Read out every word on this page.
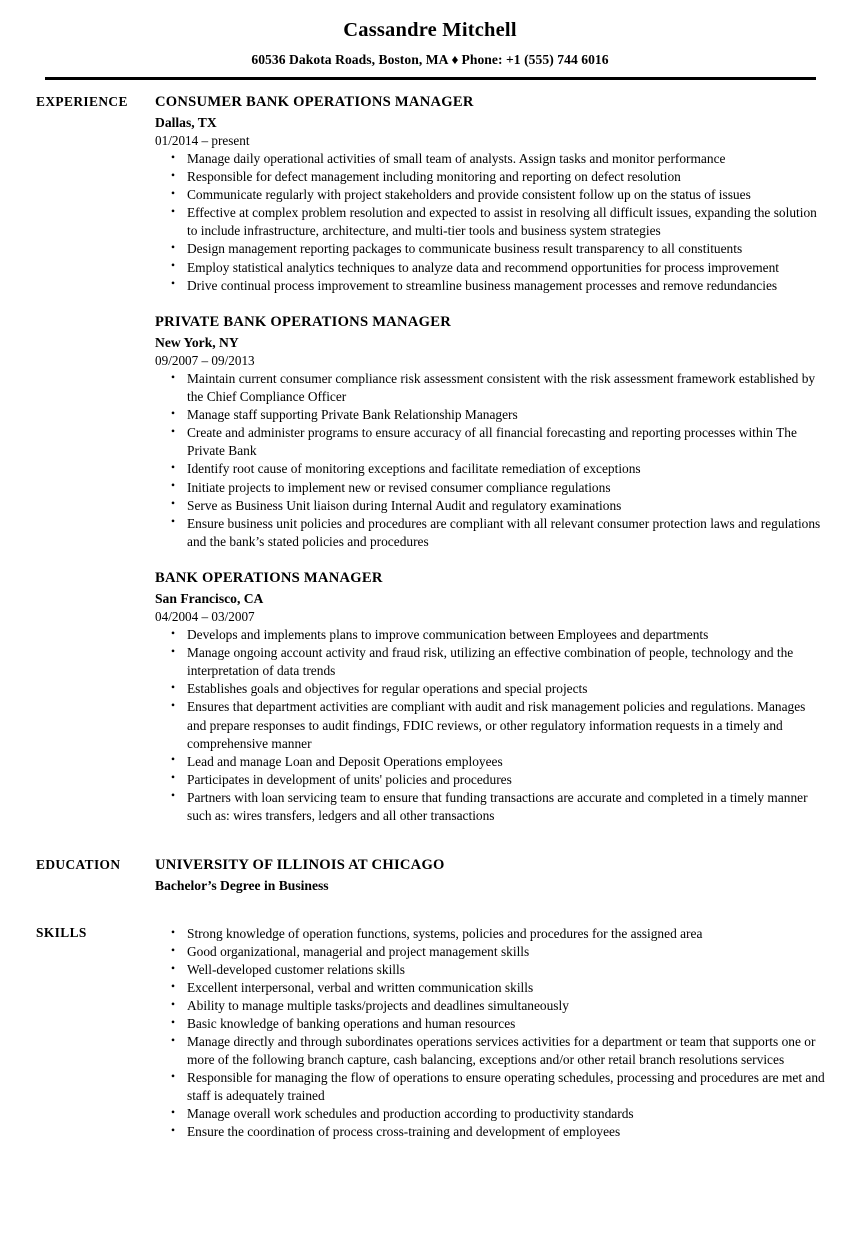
Cassandre Mitchell
60536 Dakota Roads, Boston, MA ♦ Phone: +1 (555) 744 6016
EXPERIENCE	CONSUMER BANK OPERATIONS MANAGER
Dallas, TX
01/2014 – present
• Manage daily operational activities of small team of analysts. Assign tasks and monitor performance
• Responsible for defect management including monitoring and reporting on defect resolution
• Communicate regularly with project stakeholders and provide consistent follow up on the status of issues
• Effective at complex problem resolution and expected to assist in resolving all difficult issues, expanding the solution to include infrastructure, architecture, and multi-tier tools and business system strategies
• Design management reporting packages to communicate business result transparency to all constituents
• Employ statistical analytics techniques to analyze data and recommend opportunities for process improvement
• Drive continual process improvement to streamline business management processes and remove redundancies
PRIVATE BANK OPERATIONS MANAGER
New York, NY
09/2007 – 09/2013
• Maintain current consumer compliance risk assessment consistent with the risk assessment framework established by the Chief Compliance Officer
• Manage staff supporting Private Bank Relationship Managers
• Create and administer programs to ensure accuracy of all financial forecasting and reporting processes within The Private Bank
• Identify root cause of monitoring exceptions and facilitate remediation of exceptions
• Initiate projects to implement new or revised consumer compliance regulations
• Serve as Business Unit liaison during Internal Audit and regulatory examinations
• Ensure business unit policies and procedures are compliant with all relevant consumer protection laws and regulations and the bank’s stated policies and procedures
BANK OPERATIONS MANAGER
San Francisco, CA
04/2004 – 03/2007
• Develops and implements plans to improve communication between Employees and departments
• Manage ongoing account activity and fraud risk, utilizing an effective combination of people, technology and the interpretation of data trends
• Establishes goals and objectives for regular operations and special projects
• Ensures that department activities are compliant with audit and risk management policies and regulations. Manages and prepare responses to audit findings, FDIC reviews, or other regulatory information requests in a timely and comprehensive manner
• Lead and manage Loan and Deposit Operations employees
• Participates in development of units' policies and procedures
• Partners with loan servicing team to ensure that funding transactions are accurate and completed in a timely manner such as: wires transfers, ledgers and all other transactions
EDUCATION	UNIVERSITY OF ILLINOIS AT CHICAGO
Bachelor’s Degree in Business
SKILLS	• Strong knowledge of operation functions, systems, policies and procedures for the assigned area
• Good organizational, managerial and project management skills
• Well-developed customer relations skills
• Excellent interpersonal, verbal and written communication skills
• Ability to manage multiple tasks/projects and deadlines simultaneously
• Basic knowledge of banking operations and human resources
• Manage directly and through subordinates operations services activities for a department or team that supports one or more of the following branch capture, cash balancing, exceptions and/or other retail branch resolutions services
• Responsible for managing the flow of operations to ensure operating schedules, processing and procedures are met and staff is adequately trained
• Manage overall work schedules and production according to productivity standards
• Ensure the coordination of process cross-training and development of employees
